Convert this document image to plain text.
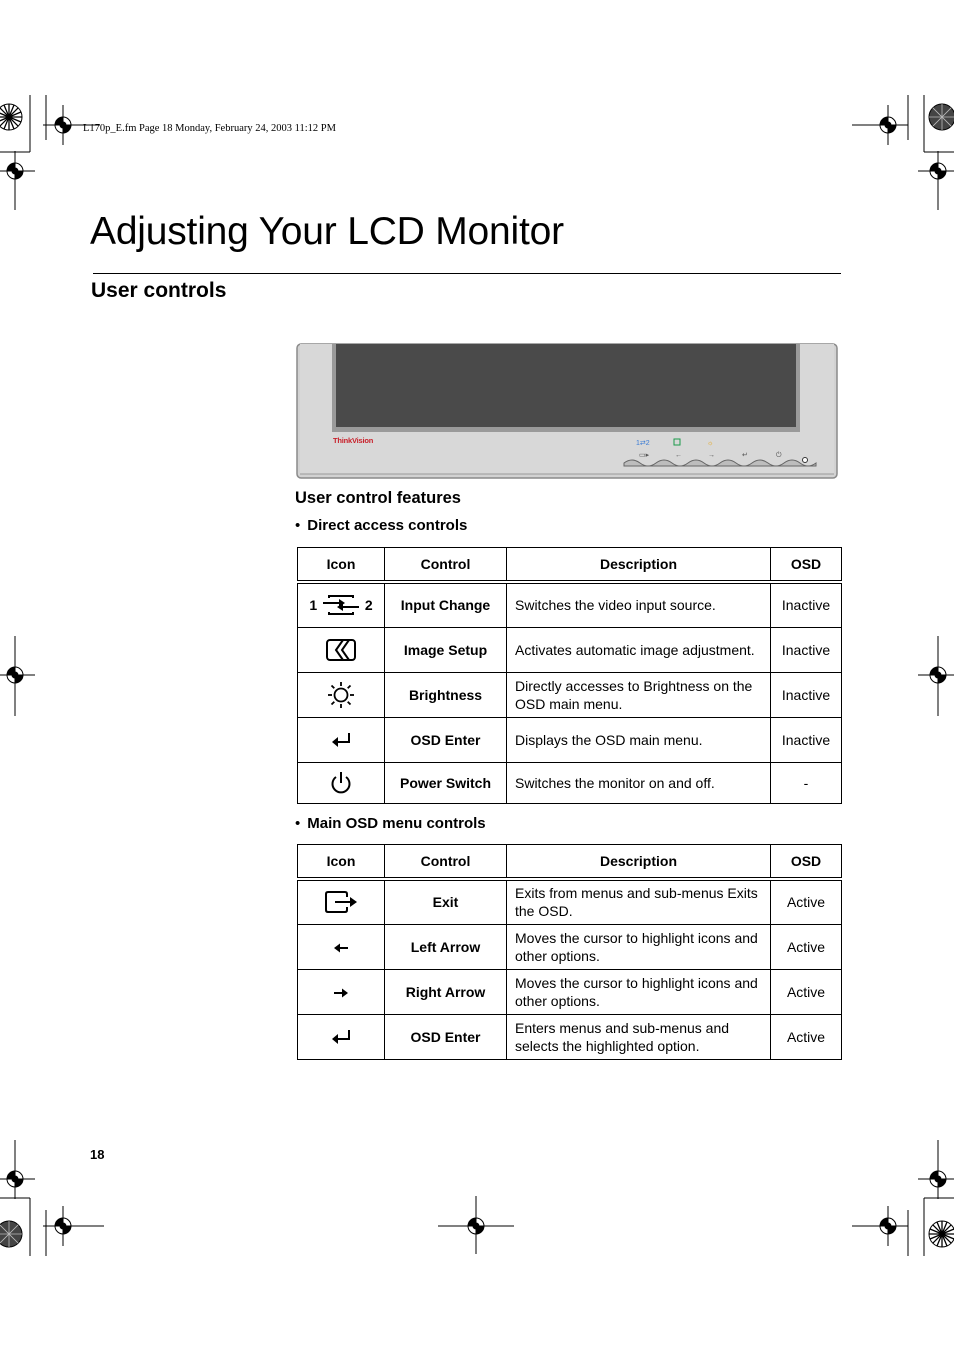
L170p_E.fm Page 18 Monday, February 24, 2003 11:12 PM
Adjusting Your LCD Monitor
User controls
1⇄2	☼
▭▸	←	→	↵	⏻
ThinkVision
User control features
• Direct access controls
Icon	Control	Description	OSD
1 2	Input Change	Switches the video input source.	Inactive
	Image Setup	Activates automatic image adjustment.	Inactive
	Brightness	Directly accesses to Brightness on the OSD main menu.	Inactive
	OSD Enter	Displays the OSD main menu.	Inactive
	Power Switch	Switches the monitor on and off.	-
• Main OSD menu controls
Icon	Control	Description	OSD
	Exit	Exits from menus and sub-menus Exits the OSD.	Active
	Left Arrow	Moves the cursor to highlight icons and other options.	Active
	Right Arrow	Moves the cursor to highlight icons and other options.	Active
	OSD Enter	Enters menus and sub-menus and selects the highlighted option.	Active
18
